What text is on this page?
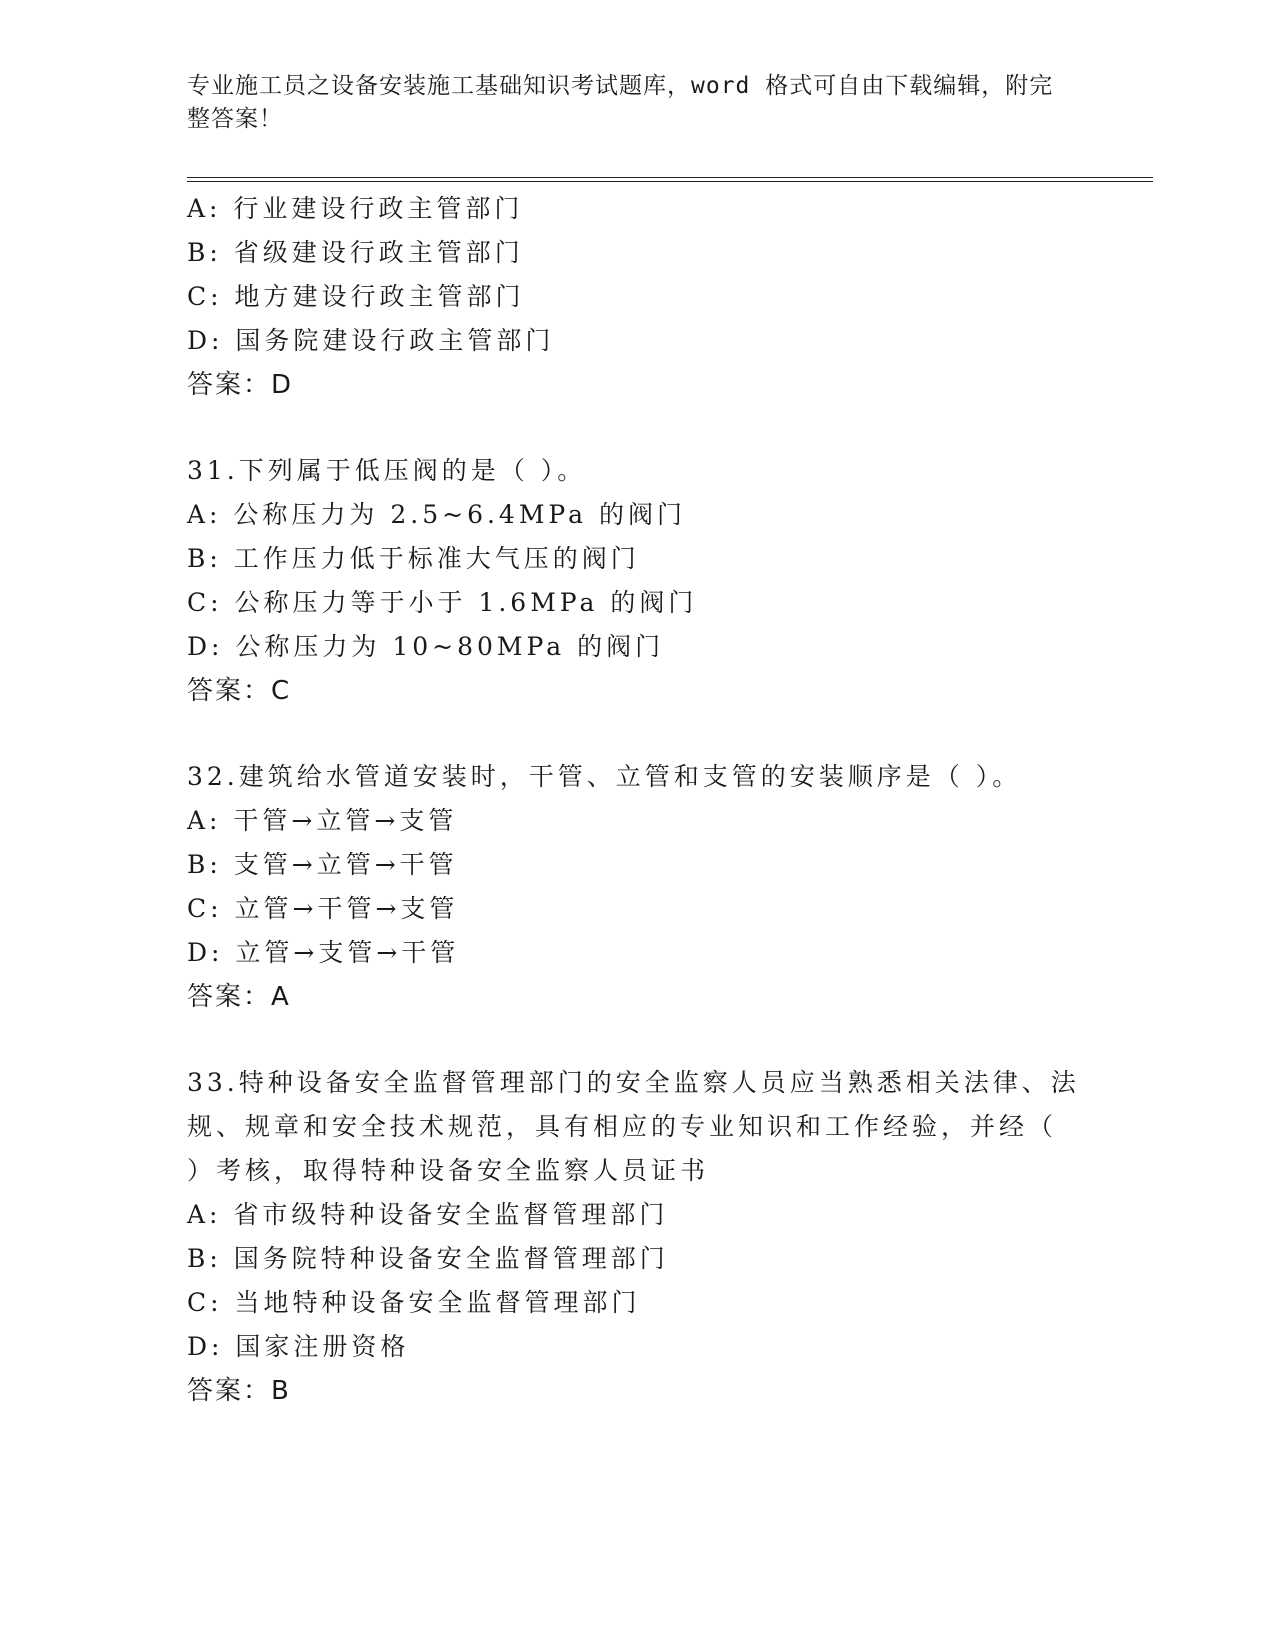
专业施工员之设备安装施工基础知识考试题库，word 格式可自由下载编辑，附完
整答案！
A: 行业建设行政主管部门
B: 省级建设行政主管部门
C: 地方建设行政主管部门
D: 国务院建设行政主管部门
答案：D
31.下列属于低压阀的是（ ）。
A: 公称压力为 2.5~6.4MPa 的阀门
B: 工作压力低于标准大气压的阀门
C: 公称压力等于小于 1.6MPa 的阀门
D: 公称压力为 10~80MPa 的阀门
答案：C
32.建筑给水管道安装时，干管、立管和支管的安装顺序是（ ）。
A: 干管→立管→支管
B: 支管→立管→干管
C: 立管→干管→支管
D: 立管→支管→干管
答案：A
33.特种设备安全监督管理部门的安全监察人员应当熟悉相关法律、法
规、规章和安全技术规范，具有相应的专业知识和工作经验，并经（
）考核，取得特种设备安全监察人员证书
A: 省市级特种设备安全监督管理部门
B: 国务院特种设备安全监督管理部门
C: 当地特种设备安全监督管理部门
D: 国家注册资格
答案：B
